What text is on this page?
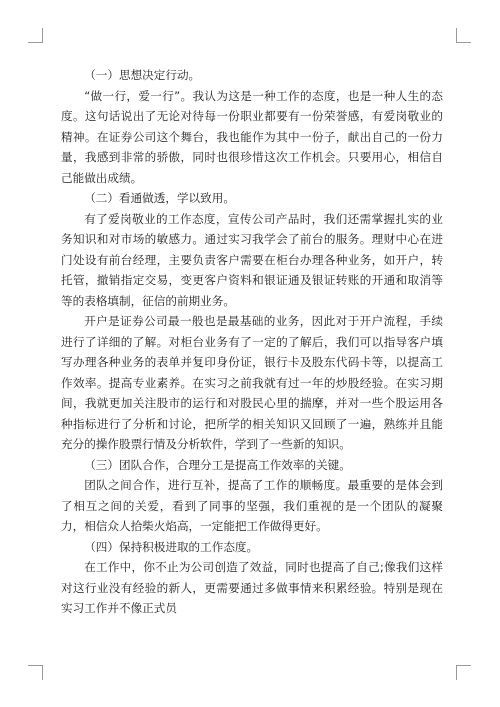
（一）思想决定行动。

“做一行，爱一行”。我认为这是一种工作的态度，也是一种人生的态度。这句话说出了无论对待每一份职业都要有一份荣誉感，有爱岗敬业的精神。在证券公司这个舞台，我也能作为其中一份子，献出自己的一份力量，我感到非常的骄傲，同时也很珍惜这次工作机会。只要用心，相信自己能做出成绩。

（二）看通做透，学以致用。

有了爱岗敬业的工作态度，宣传公司产品时，我们还需掌握扎实的业务知识和对市场的敏感力。通过实习我学会了前台的服务。理财中心在进门处设有前台经理，主要负责客户需要在柜台办理各种业务，如开户，转托管，撤销指定交易，变更客户资料和银证通及银证转账的开通和取消等等的表格填制，征信的前期业务。

开户是证券公司最一般也是最基础的业务，因此对于开户流程，手续进行了详细的了解。对柜台业务有了一定的了解后，我们可以指导客户填写办理各种业务的表单并复印身份证，银行卡及股东代码卡等，以提高工作效率。提高专业素养。在实习之前我就有过一年的炒股经验。在实习期间，我就更加关注股市的运行和对股民心里的揣摩，并对一些个股运用各种指标进行了分析和讨论，把所学的相关知识又回顾了一遍，熟练并且能充分的操作股票行情及分析软件，学到了一些新的知识。

（三）团队合作，合理分工是提高工作效率的关键。

团队之间合作，进行互补，提高了工作的顺畅度。最重要的是体会到了相互之间的关爱，看到了同事的坚强，我们重视的是一个团队的凝聚力，相信众人拾柴火焰高，一定能把工作做得更好。

（四）保持积极进取的工作态度。

在工作中，你不止为公司创造了效益，同时也提高了自己;像我们这样对这行业没有经验的新人，更需要通过多做事情来积累经验。特别是现在实习工作并不像正式员
